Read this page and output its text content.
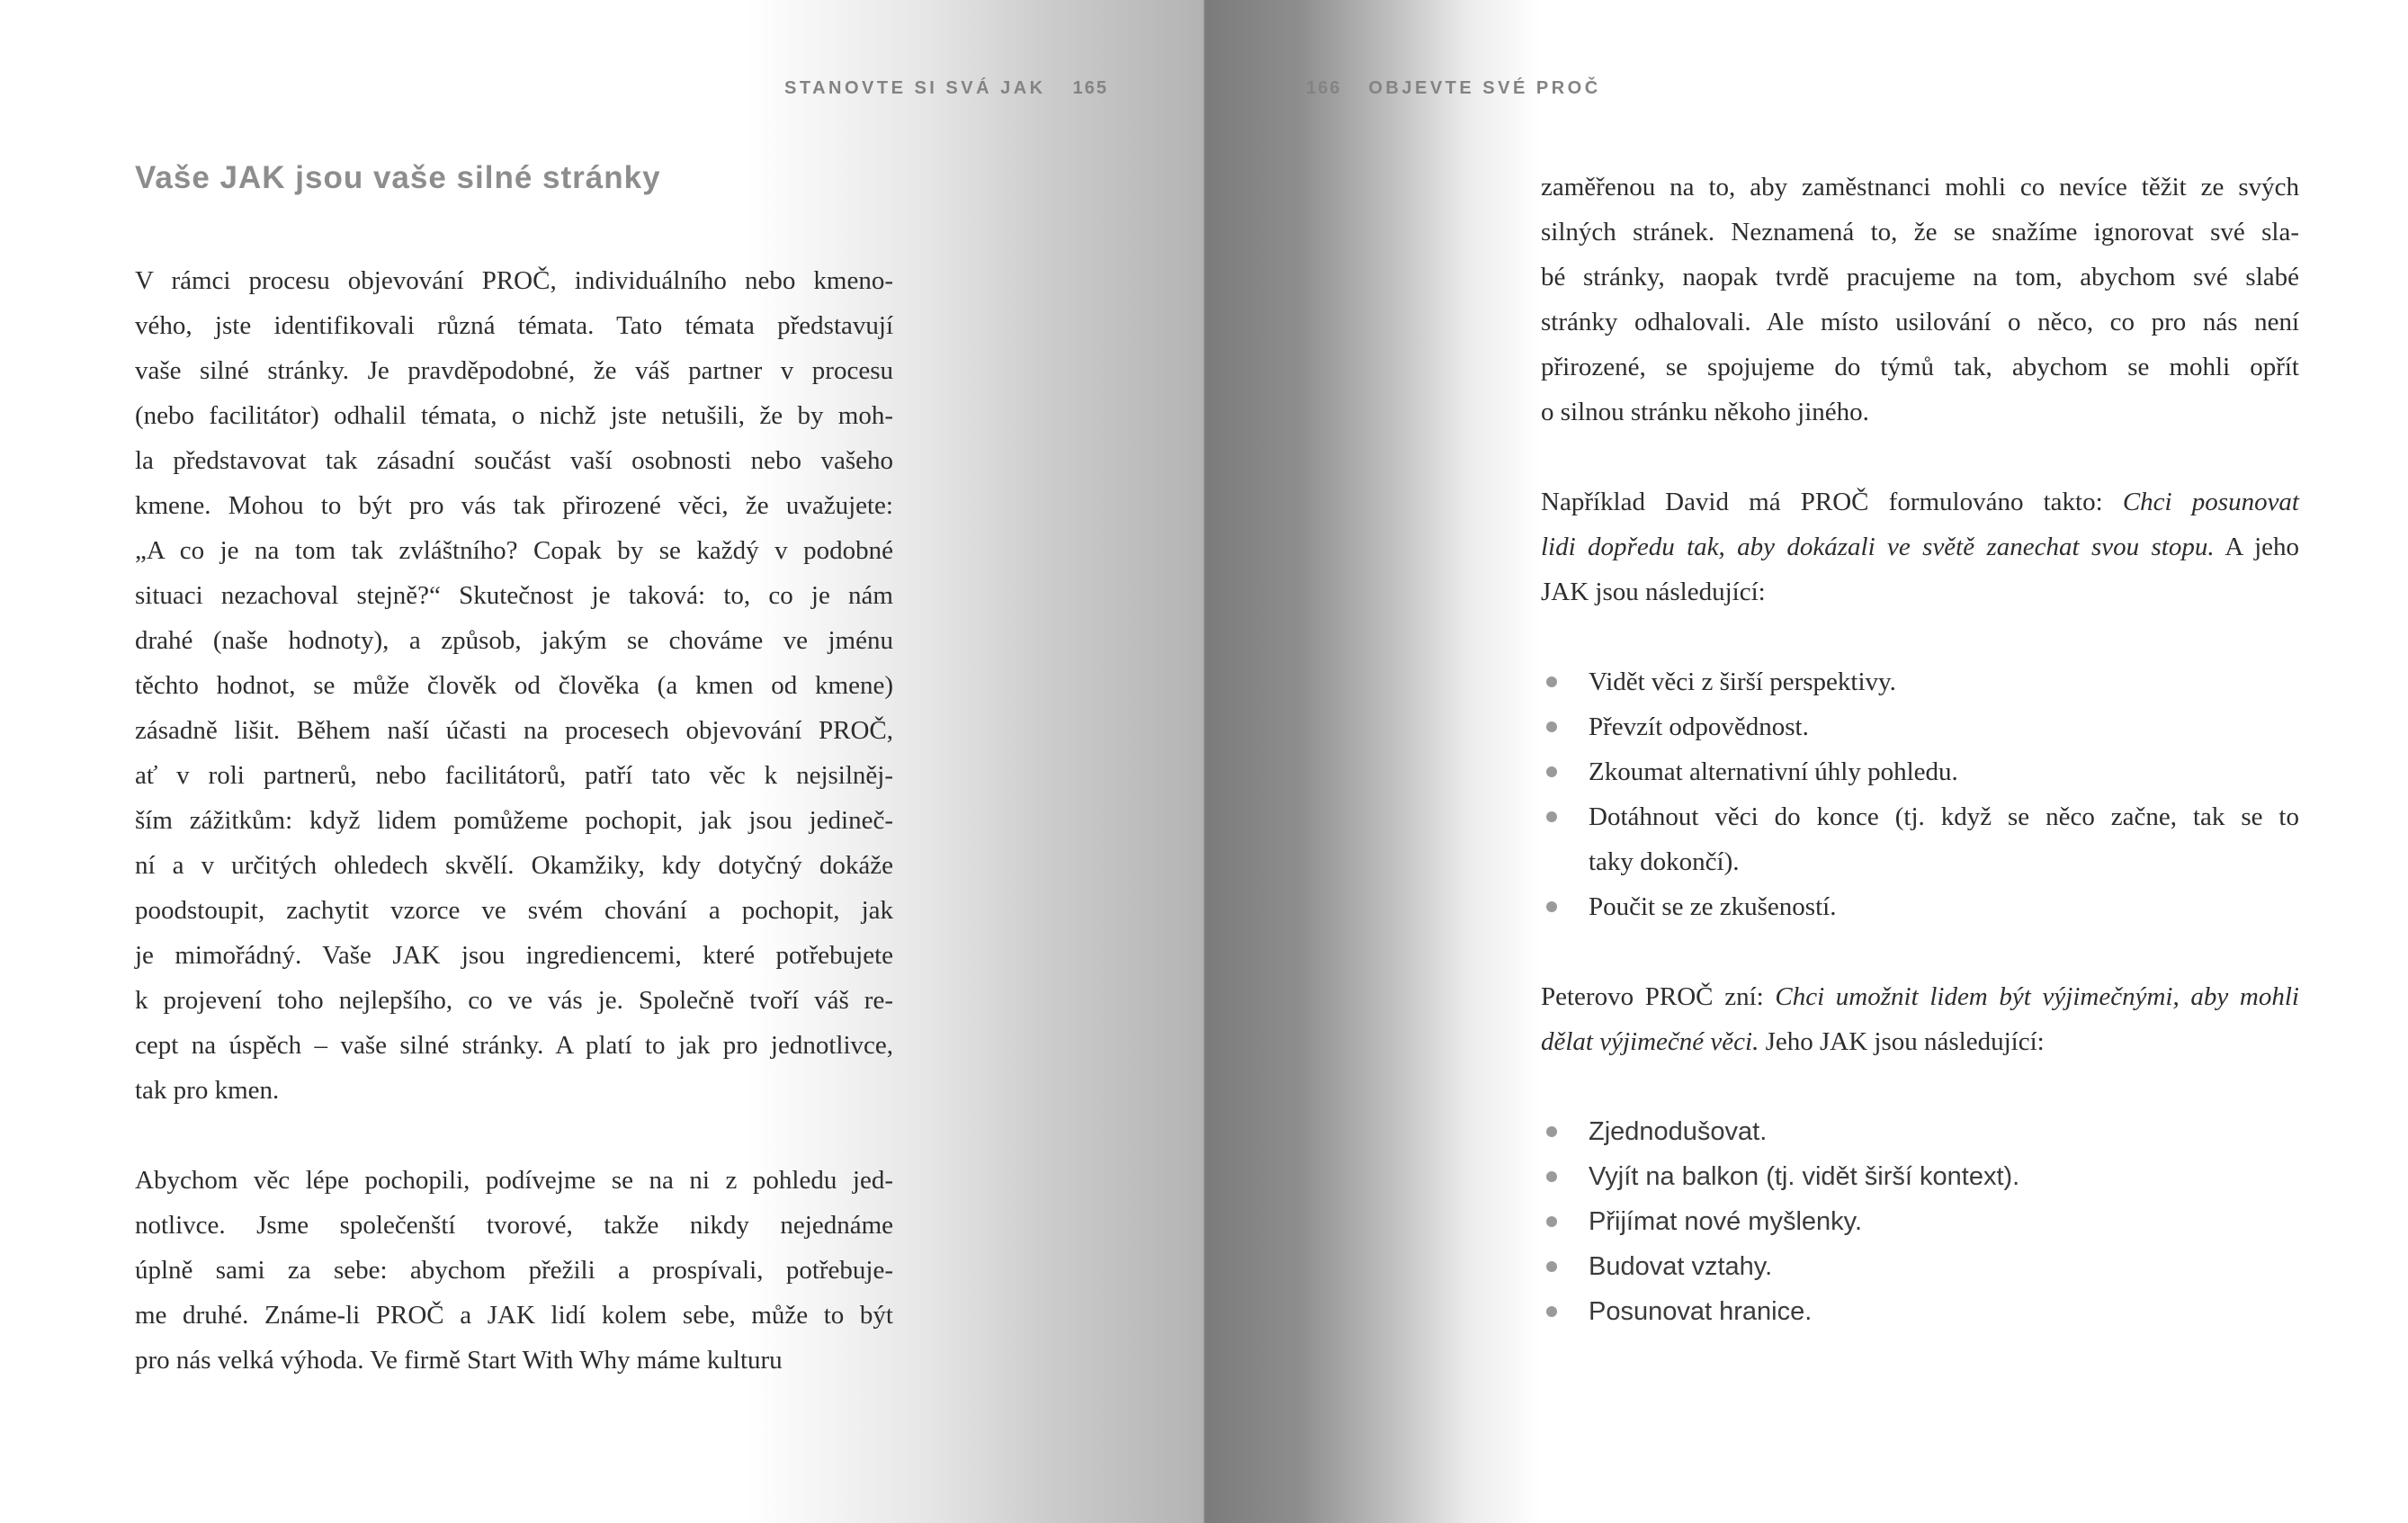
STANOVTE SI SVÁ JAK 165	166 OBJEVTE SVÉ PROČ
Vaše JAK jsou vaše silné stránky
V rámci procesu objevování PROČ, individuálního nebo kmeno-
vého, jste identifikovali různá témata. Tato témata představují
vaše silné stránky. Je pravděpodobné, že váš partner v procesu
(nebo facilitátor) odhalil témata, o nichž jste netušili, že by moh-
la představovat tak zásadní součást vaší osobnosti nebo vašeho
kmene. Mohou to být pro vás tak přirozené věci, že uvažujete:
„A co je na tom tak zvláštního? Copak by se každý v podobné
situaci nezachoval stejně?“ Skutečnost je taková: to, co je nám
drahé (naše hodnoty), a způsob, jakým se chováme ve jménu
těchto hodnot, se může člověk od člověka (a kmen od kmene)
zásadně lišit. Během naší účasti na procesech objevování PROČ,
ať v roli partnerů, nebo facilitátorů, patří tato věc k nejsilněj-
ším zážitkům: když lidem pomůžeme pochopit, jak jsou jedineč-
ní a v určitých ohledech skvělí. Okamžiky, kdy dotyčný dokáže
poodstoupit, zachytit vzorce ve svém chování a pochopit, jak
je mimořádný. Vaše JAK jsou ingrediencemi, které potřebujete
k projevení toho nejlepšího, co ve vás je. Společně tvoří váš re-
cept na úspěch – vaše silné stránky. A platí to jak pro jednotlivce,
tak pro kmen.
Abychom věc lépe pochopili, podívejme se na ni z pohledu jed-
notlivce. Jsme společenští tvorové, takže nikdy nejednáme
úplně sami za sebe: abychom přežili a prospívali, potřebuje-
me druhé. Známe-li PROČ a JAK lidí kolem sebe, může to být
pro nás velká výhoda. Ve firmě Start With Why máme kulturu
zaměřenou na to, aby zaměstnanci mohli co nevíce těžit ze svých
silných stránek. Neznamená to, že se snažíme ignorovat své sla-
bé stránky, naopak tvrdě pracujeme na tom, abychom své slabé
stránky odhalovali. Ale místo usilování o něco, co pro nás není
přirozené, se spojujeme do týmů tak, abychom se mohli opřít
o silnou stránku někoho jiného.
Například David má PROČ formulováno takto: Chci posunovat
lidi dopředu tak, aby dokázali ve světě zanechat svou stopu. A jeho
JAK jsou následující:
Vidět věci z širší perspektivy.
Převzít odpovědnost.
Zkoumat alternativní úhly pohledu.
Dotáhnout věci do konce (tj. když se něco začne, tak se to
taky dokončí).
Poučit se ze zkušeností.
Peterovo PROČ zní: Chci umožnit lidem být výjimečnými, aby mohli
dělat výjimečné věci. Jeho JAK jsou následující:
Zjednodušovat.
Vyjít na balkon (tj. vidět širší kontext).
Přijímat nové myšlenky.
Budovat vztahy.
Posunovat hranice.
